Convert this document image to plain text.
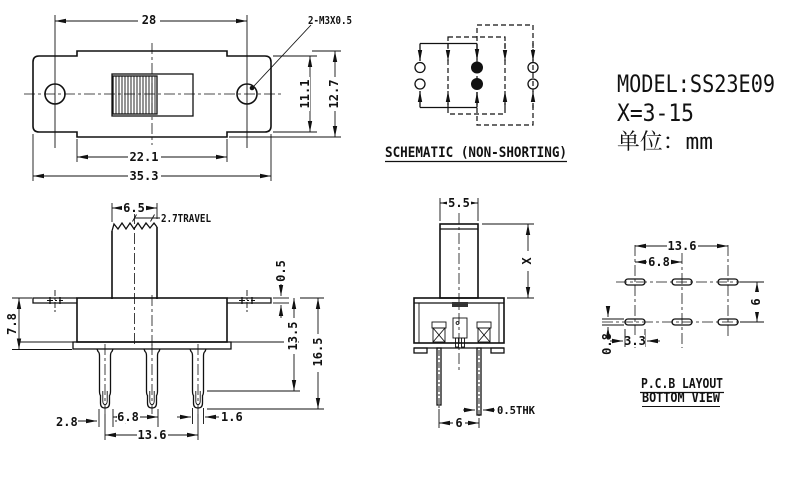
28	2-M3X0.5
11.1 12.7
22.1
35.3
SCHEMATIC (NON-SHORTING)
MODEL:SS23E09
X=3-15
单位：mm
6.5
2.7TRAVEL
7.8
0.5
13.5
16.5
2.8	6.8	1.6
13.6
5.5
X
0.5THK
6
13.6
6.8
6
0.8 3.3
P.C.B LAYOUT
BOTTOM VIEW
